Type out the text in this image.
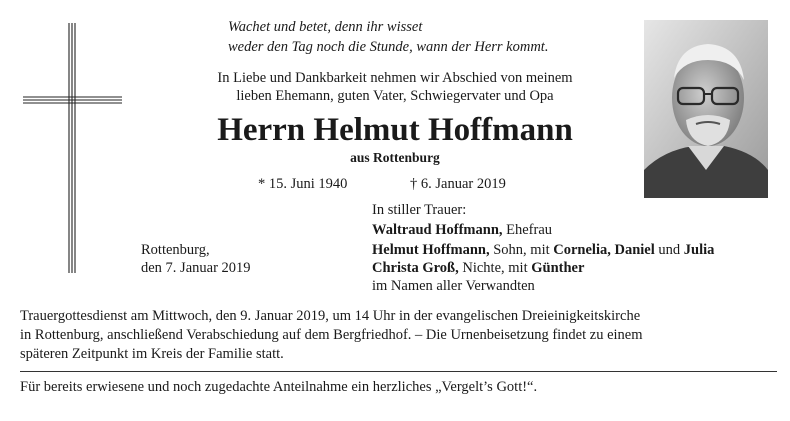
Wachet und betet, denn ihr wisset
weder den Tag noch die Stunde, wann der Herr kommt.
In Liebe und Dankbarkeit nehmen wir Abschied von meinem
lieben Ehemann, guten Vater, Schwiegervater und Opa
Herrn Helmut Hoffmann
aus Rottenburg
* 15. Juni 1940	† 6. Januar 2019
Rottenburg,
den 7. Januar 2019
In stiller Trauer:
Waltraud Hoffmann, Ehefrau
Helmut Hoffmann, Sohn, mit Cornelia, Daniel und Julia
Christa Groß, Nichte, mit Günther
im Namen aller Verwandten
Trauergottesdienst am Mittwoch, den 9. Januar 2019, um 14 Uhr in der evangelischen Dreieinigkeitskirche
in Rottenburg, anschließend Verabschiedung auf dem Bergfriedhof. – Die Urnenbeisetzung findet zu einem
späteren Zeitpunkt im Kreis der Familie statt.
Für bereits erwiesene und noch zugedachte Anteilnahme ein herzliches „Vergelt’s Gott!“.
